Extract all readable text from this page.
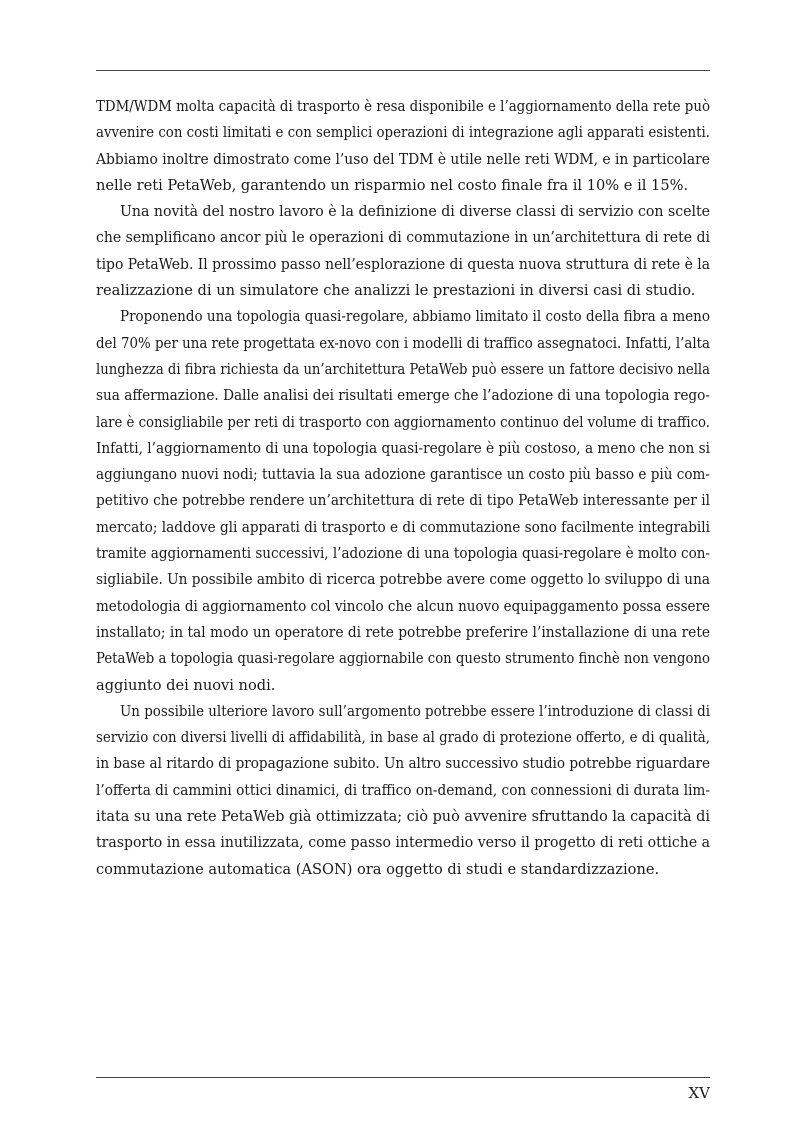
TDM/WDM molta capacità di trasporto è resa disponibile e l’aggiornamento della rete può
avvenire con costi limitati e con semplici operazioni di integrazione agli apparati esistenti.
Abbiamo inoltre dimostrato come l’uso del TDM è utile nelle reti WDM, e in particolare
nelle reti PetaWeb, garantendo un risparmio nel costo finale fra il 10% e il 15%.
Una novità del nostro lavoro è la definizione di diverse classi di servizio con scelte
che semplificano ancor più le operazioni di commutazione in un’architettura di rete di
tipo PetaWeb. Il prossimo passo nell’esplorazione di questa nuova struttura di rete è la
realizzazione di un simulatore che analizzi le prestazioni in diversi casi di studio.
Proponendo una topologia quasi-regolare, abbiamo limitato il costo della fibra a meno
del 70% per una rete progettata ex-novo con i modelli di traffico assegnatoci. Infatti, l’alta
lunghezza di fibra richiesta da un’architettura PetaWeb può essere un fattore decisivo nella
sua affermazione. Dalle analisi dei risultati emerge che l’adozione di una topologia rego-
lare è consigliabile per reti di trasporto con aggiornamento continuo del volume di traffico.
Infatti, l’aggiornamento di una topologia quasi-regolare è più costoso, a meno che non si
aggiungano nuovi nodi; tuttavia la sua adozione garantisce un costo più basso e più com-
petitivo che potrebbe rendere un’architettura di rete di tipo PetaWeb interessante per il
mercato; laddove gli apparati di trasporto e di commutazione sono facilmente integrabili
tramite aggiornamenti successivi, l’adozione di una topologia quasi-regolare è molto con-
sigliabile. Un possibile ambito di ricerca potrebbe avere come oggetto lo sviluppo di una
metodologia di aggiornamento col vincolo che alcun nuovo equipaggamento possa essere
installato; in tal modo un operatore di rete potrebbe preferire l’installazione di una rete
PetaWeb a topologia quasi-regolare aggiornabile con questo strumento finchè non vengono
aggiunto dei nuovi nodi.
Un possibile ulteriore lavoro sull’argomento potrebbe essere l’introduzione di classi di
servizio con diversi livelli di affidabilità, in base al grado di protezione offerto, e di qualità,
in base al ritardo di propagazione subito. Un altro successivo studio potrebbe riguardare
l’offerta di cammini ottici dinamici, di traffico on-demand, con connessioni di durata lim-
itata su una rete PetaWeb già ottimizzata; ciò può avvenire sfruttando la capacità di
trasporto in essa inutilizzata, come passo intermedio verso il progetto di reti ottiche a
commutazione automatica (ASON) ora oggetto di studi e standardizzazione.
XV
